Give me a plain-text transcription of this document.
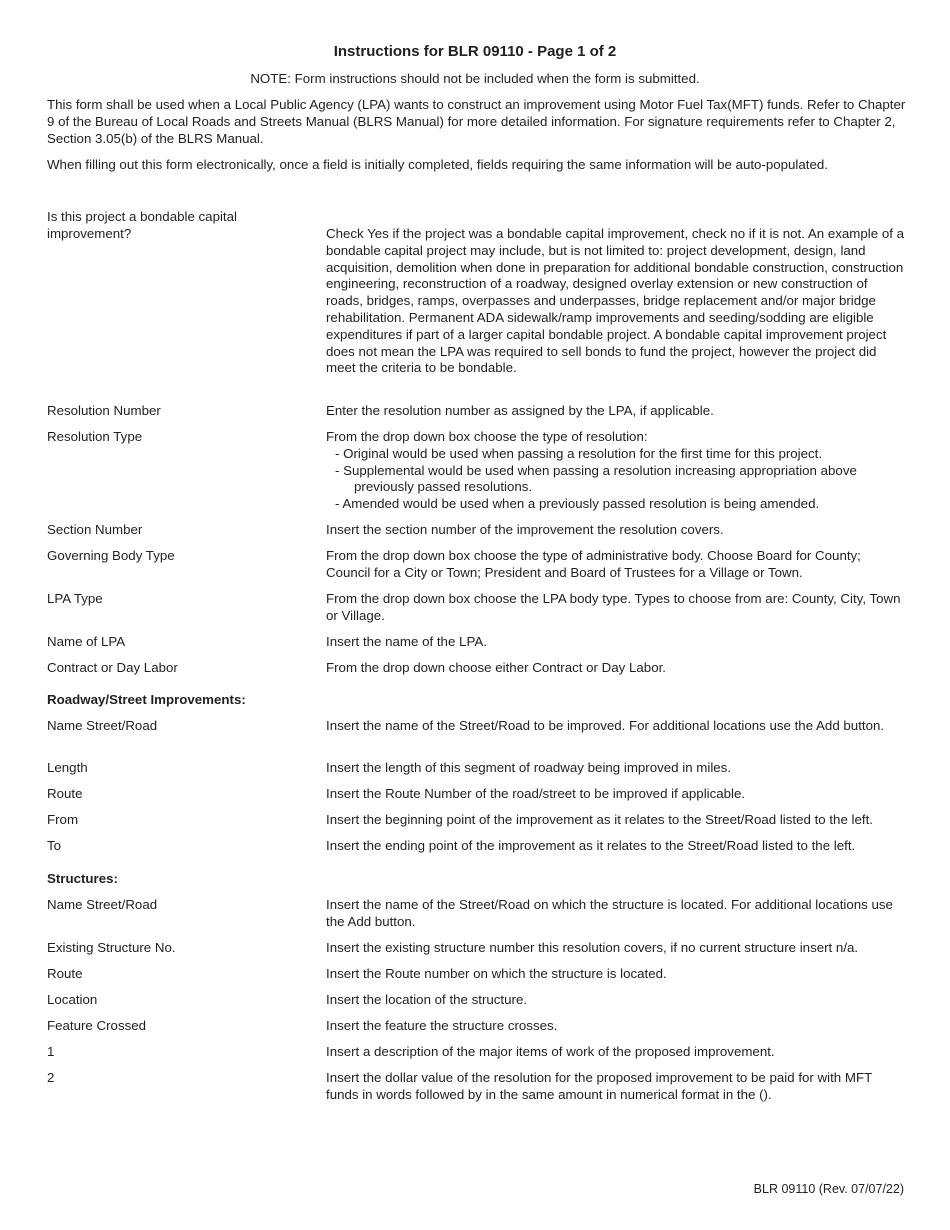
Instructions for BLR 09110 - Page 1 of 2
NOTE: Form instructions should not be included when the form is submitted.
This form shall be used when a Local Public Agency (LPA) wants to construct an improvement using Motor Fuel Tax(MFT) funds. Refer to Chapter 9 of the Bureau of Local Roads and Streets Manual (BLRS Manual) for more detailed information. For signature requirements refer to Chapter 2, Section 3.05(b) of the BLRS Manual.
When filling out this form electronically, once a field is initially completed, fields requiring the same information will be auto-populated.
Is this project a bondable capital improvement?	Check Yes if the project was a bondable capital improvement, check no if it is not. An example of a bondable capital project may include, but is not limited to: project development, design, land acquisition, demolition when done in preparation for additional bondable construction, construction engineering, reconstruction of a roadway, designed overlay extension or new construction of roads, bridges, ramps, overpasses and underpasses, bridge replacement and/or major bridge rehabilitation. Permanent ADA sidewalk/ramp improvements and seeding/sodding are eligible expenditures if part of a larger capital bondable project. A bondable capital improvement project does not mean the LPA was required to sell bonds to fund the project, however the project did meet the criteria to be bondable.
Resolution Number	Enter the resolution number as assigned by the LPA, if applicable.
Resolution Type	From the drop down box choose the type of resolution:
- Original would be used when passing a resolution for the first time for this project.
- Supplemental would be used when passing a resolution increasing appropriation above
previously passed resolutions.
- Amended would be used when a previously passed resolution is being amended.
Section Number	Insert the section number of the improvement the resolution covers.
Governing Body Type	From the drop down box choose the type of administrative body. Choose Board for County; Council for a City or Town; President and Board of Trustees for a Village or Town.
LPA Type	From the drop down box choose the LPA body type. Types to choose from are: County, City, Town or Village.
Name of LPA	Insert the name of the LPA.
Contract or Day Labor	From the drop down choose either Contract or Day Labor.
Roadway/Street Improvements:
Name Street/Road	Insert the name of the Street/Road to be improved. For additional locations use the Add button.
Length	Insert the length of this segment of roadway being improved in miles.
Route	Insert the Route Number of the road/street to be improved if applicable.
From	Insert the beginning point of the improvement as it relates to the Street/Road listed to the left.
To	Insert the ending point of the improvement as it relates to the Street/Road listed to the left.
Structures:
Name Street/Road	Insert the name of the Street/Road on which the structure is located. For additional locations use the Add button.
Existing Structure No.	Insert the existing structure number this resolution covers, if no current structure insert n/a.
Route	Insert the Route number on which the structure is located.
Location	Insert the location of the structure.
Feature Crossed	Insert the feature the structure crosses.
1	Insert a description of the major items of work of the proposed improvement.
2	Insert the dollar value of the resolution for the proposed improvement to be paid for with MFT funds in words followed by in the same amount in numerical format in the ().
BLR 09110 (Rev. 07/07/22)
